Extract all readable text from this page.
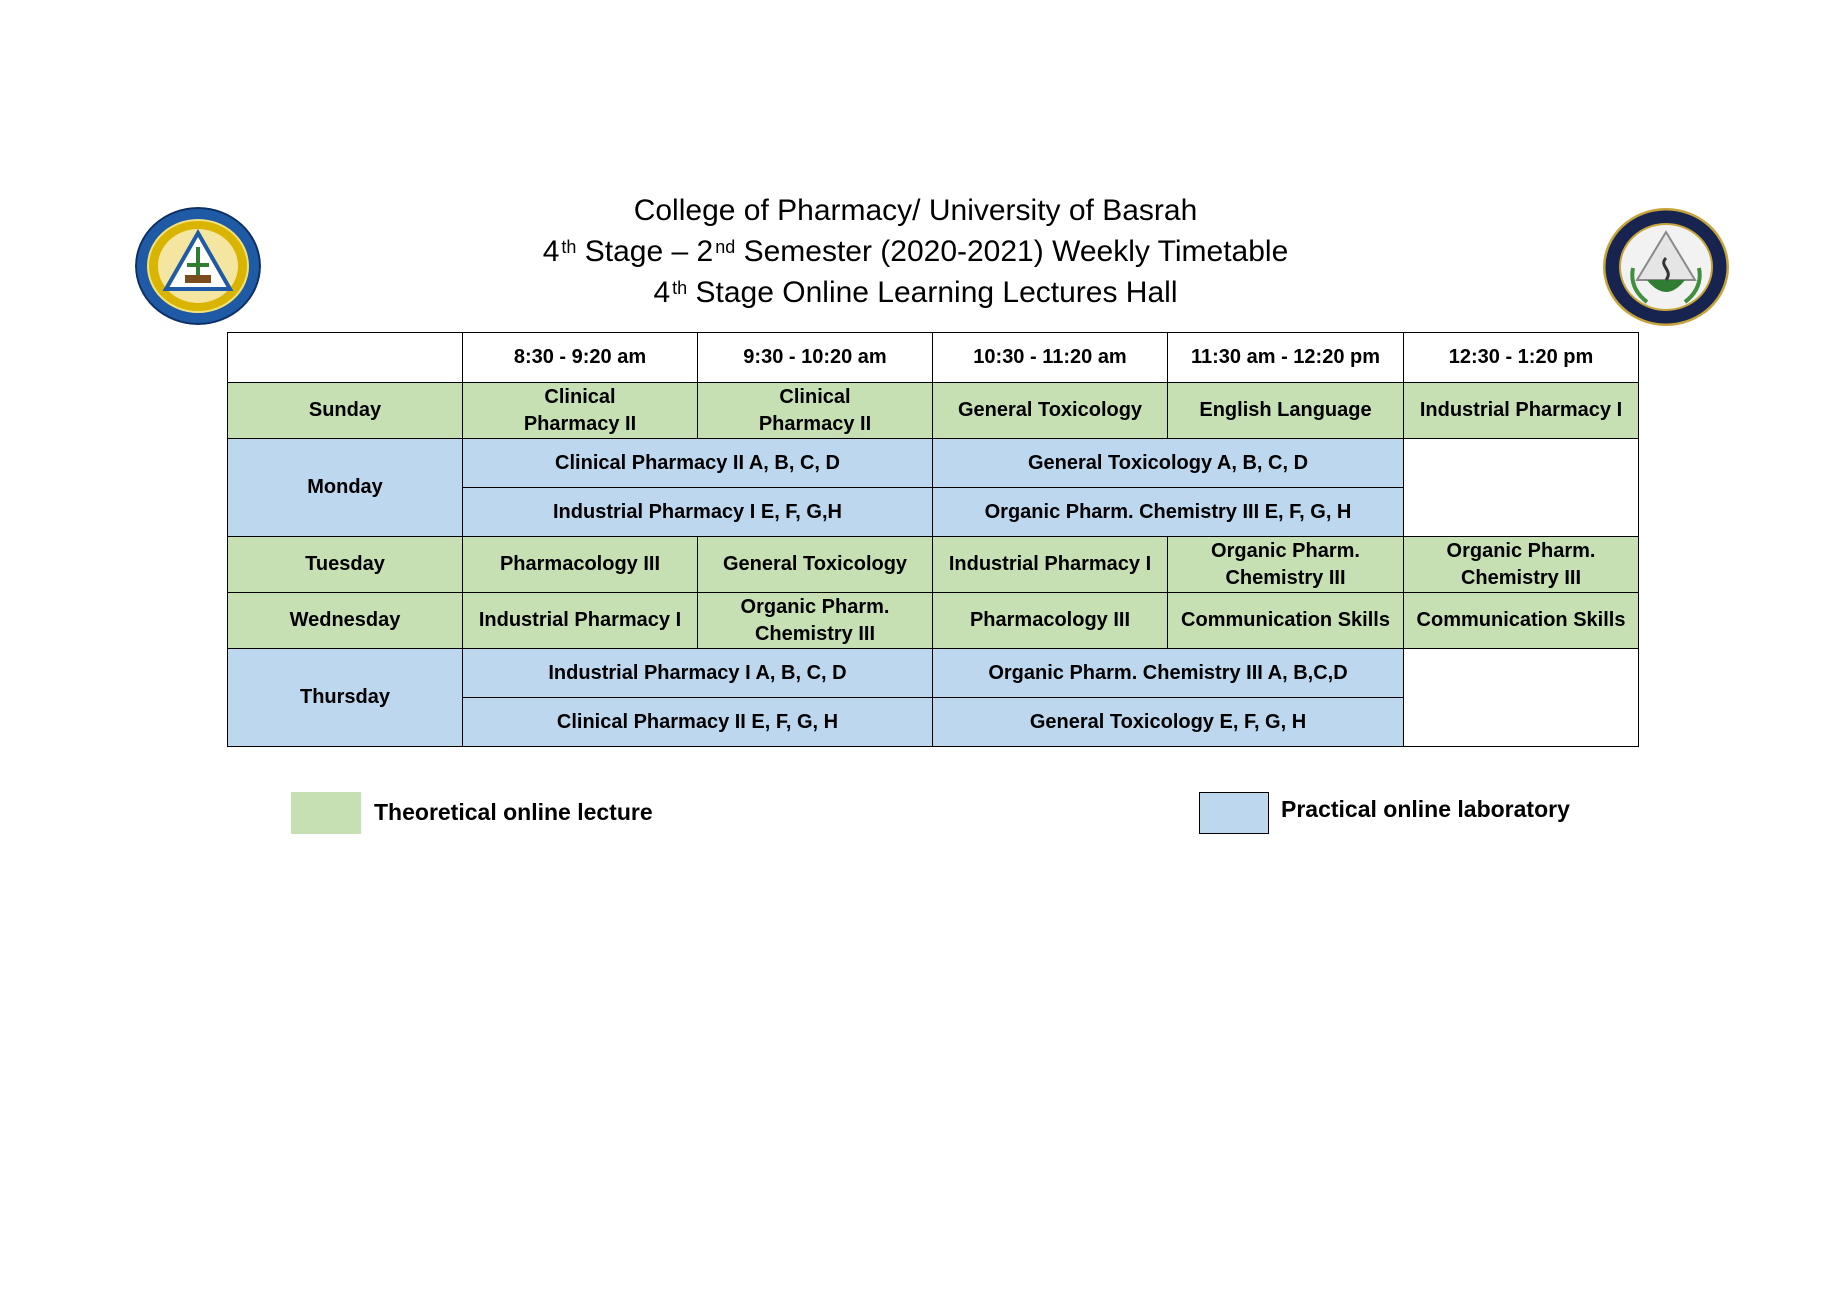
College of Pharmacy/ University of Basrah
4 $^{th}$ Stage – 2 $^{nd}$ Semester (2020-2021) Weekly Timetable
4 $^{th}$ Stage Online Learning Lectures Hall
	8:30 - 9:20 am	9:30 - 10:20 am	10:30 - 11:20 am	11:30 am - 12:20 pm	12:30 - 1:20 pm
Sunday	Clinical Pharmacy II	Clinical Pharmacy II	General Toxicology	English Language	Industrial Pharmacy I
Monday	Clinical Pharmacy II A, B, C, D		General Toxicology A, B, C, D		
	Industrial Pharmacy I E, F, G,H		Organic Pharm. Chemistry III E, F, G, H		
Tuesday	Pharmacology III	General Toxicology	Industrial Pharmacy I	Organic Pharm. Chemistry III	Organic Pharm. Chemistry III
Wednesday	Industrial Pharmacy I	Organic Pharm. Chemistry III	Pharmacology III	Communication Skills	Communication Skills
Thursday	Industrial Pharmacy I A, B, C, D		Organic Pharm. Chemistry III A, B,C,D		
	Clinical Pharmacy II E, F, G, H		General Toxicology E, F, G, H		
Theoretical online lecture	Practical online laboratory
